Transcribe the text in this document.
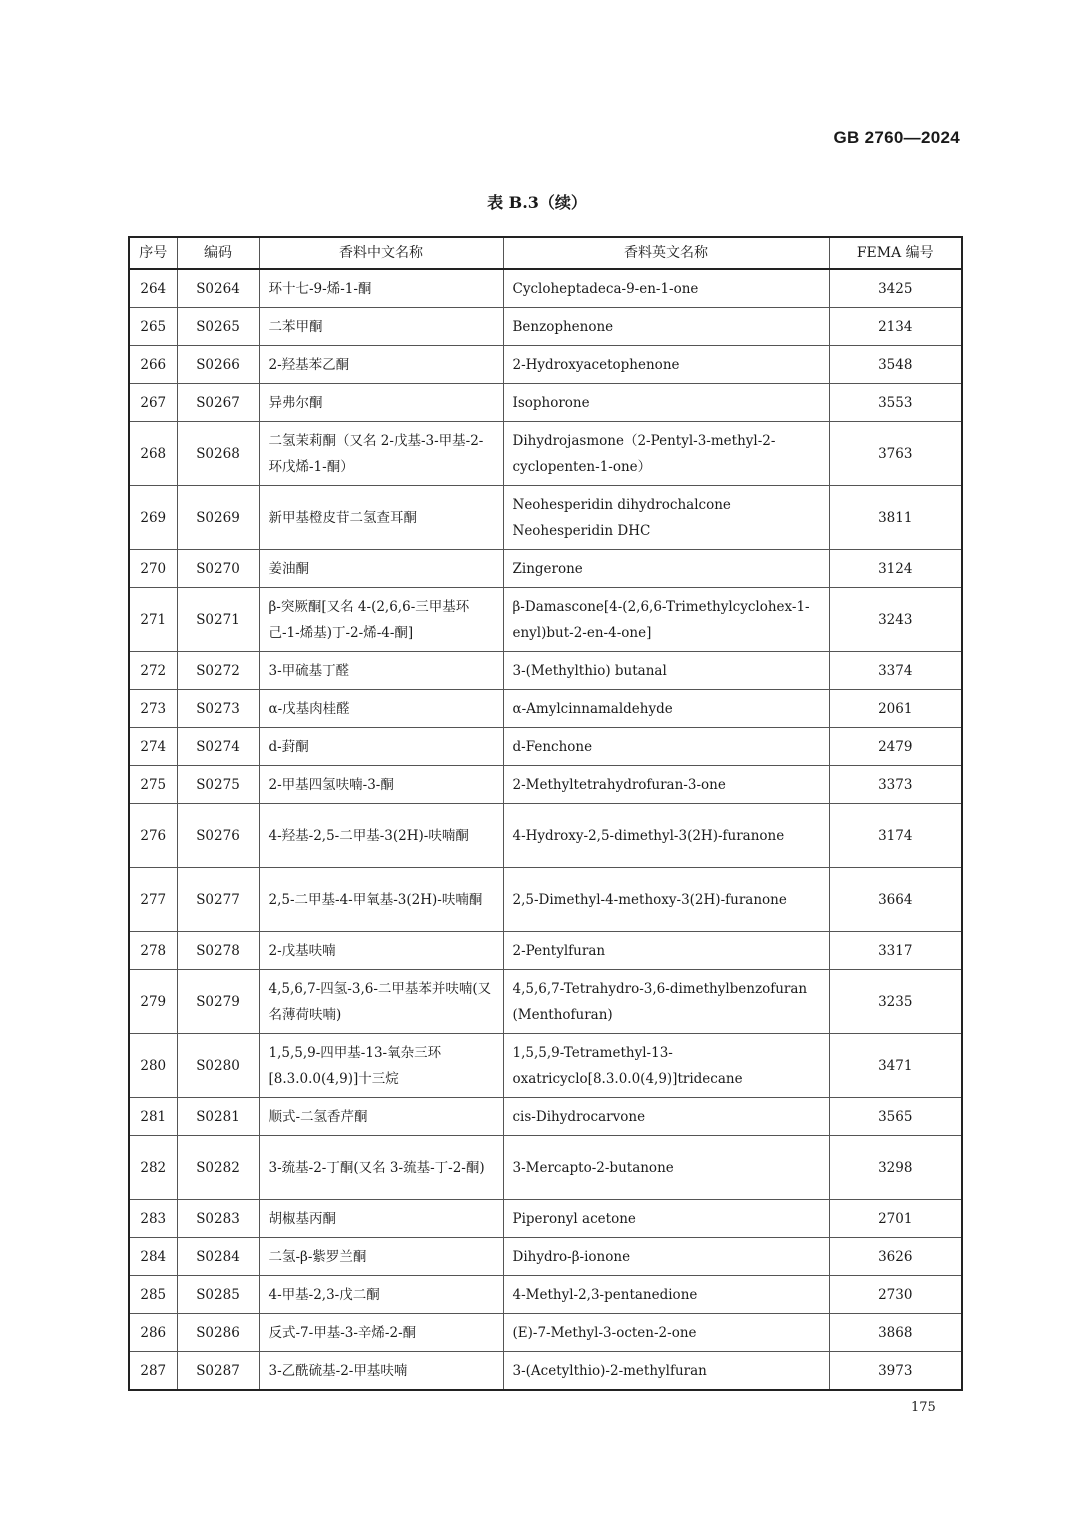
GB 2760—2024
表 B.3（续）
序号	编码	香料中文名称	香料英文名称	FEMA 编号
264	S0264	环十七-9-烯-1-酮	Cycloheptadeca-9-en-1-one	3425
265	S0265	二苯甲酮	Benzophenone	2134
266	S0266	2-羟基苯乙酮	2-Hydroxyacetophenone	3548
267	S0267	异弗尔酮	Isophorone	3553
268	S0268	二氢茉莉酮（又名 2-戊基-3-甲基-2-环戊烯-1-酮）	Dihydrojasmone（2-Pentyl-3-methyl-2-cyclopenten-1-one）	3763
269	S0269	新甲基橙皮苷二氢查耳酮	Neohesperidin dihydrochalcone Neohesperidin DHC	3811
270	S0270	姜油酮	Zingerone	3124
271	S0271	β-突厥酮[又名 4-(2,6,6-三甲基环己-1-烯基)丁-2-烯-4-酮]	β-Damascone[4-(2,6,6-Trimethylcyclohex-1-enyl)but-2-en-4-one]	3243
272	S0272	3-甲硫基丁醛	3-(Methylthio) butanal	3374
273	S0273	α-戊基肉桂醛	α-Amylcinnamaldehyde	2061
274	S0274	d-葑酮	d-Fenchone	2479
275	S0275	2-甲基四氢呋喃-3-酮	2-Methyltetrahydrofuran-3-one	3373
276	S0276	4-羟基-2,5-二甲基-3(2H)-呋喃酮	4-Hydroxy-2,5-dimethyl-3(2H)-furanone	3174
277	S0277	2,5-二甲基-4-甲氧基-3(2H)-呋喃酮	2,5-Dimethyl-4-methoxy-3(2H)-furanone	3664
278	S0278	2-戊基呋喃	2-Pentylfuran	3317
279	S0279	4,5,6,7-四氢-3,6-二甲基苯并呋喃(又名薄荷呋喃)	4,5,6,7-Tetrahydro-3,6-dimethylbenzofuran (Menthofuran)	3235
280	S0280	1,5,5,9-四甲基-13-氧杂三环[8.3.0.0(4,9)]十三烷	1,5,5,9-Tetramethyl-13-oxatricyclo[8.3.0.0(4,9)]tridecane	3471
281	S0281	顺式-二氢香芹酮	cis-Dihydrocarvone	3565
282	S0282	3-巯基-2-丁酮(又名 3-巯基-丁-2-酮)	3-Mercapto-2-butanone	3298
283	S0283	胡椒基丙酮	Piperonyl acetone	2701
284	S0284	二氢-β-紫罗兰酮	Dihydro-β-ionone	3626
285	S0285	4-甲基-2,3-戊二酮	4-Methyl-2,3-pentanedione	2730
286	S0286	反式-7-甲基-3-辛烯-2-酮	(E)-7-Methyl-3-octen-2-one	3868
287	S0287	3-乙酰硫基-2-甲基呋喃	3-(Acetylthio)-2-methylfuran	3973
175
